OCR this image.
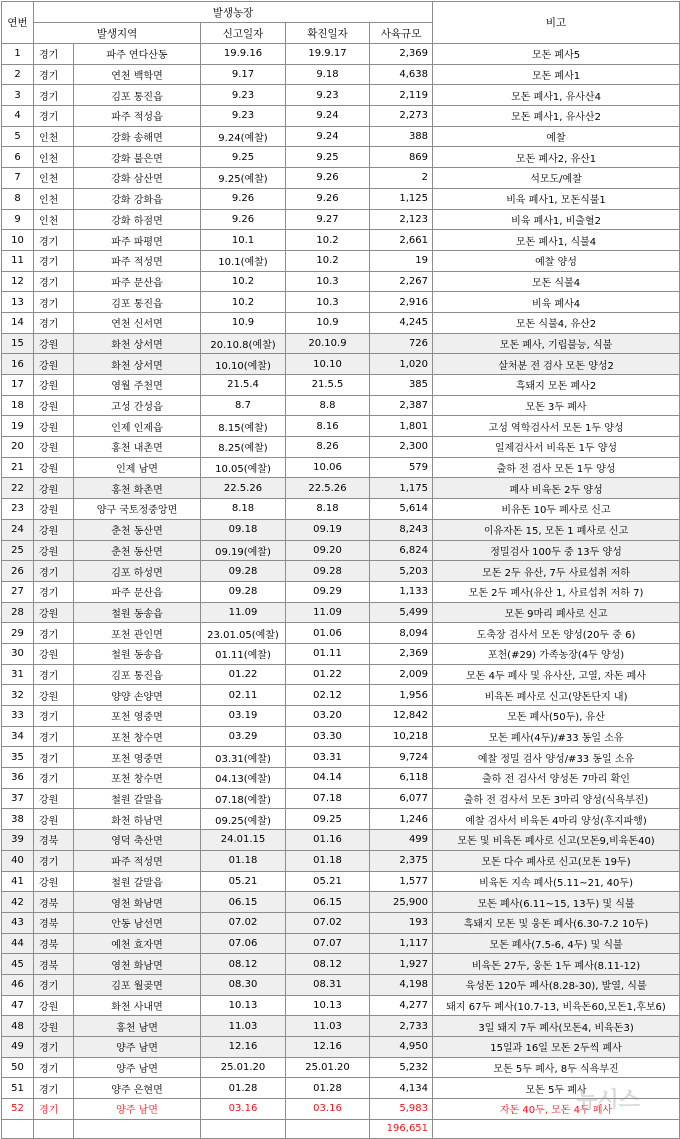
연번	발생농장					비고
	발생지역		신고일자	확진일자	사육규모	
1	경기	파주 연다산동	19.9.16	19.9.17	2,369	모돈 폐사5
2	경기	연천 백학면	9.17	9.18	4,638	모돈 폐사1
3	경기	김포 통진읍	9.23	9.23	2,119	모돈 폐사1, 유사산4
4	경기	파주 적성읍	9.23	9.24	2,273	모돈 폐사1, 유사산2
5	인천	강화 송해면	9.24(예찰)	9.24	388	예찰
6	인천	강화 불은면	9.25	9.25	869	모돈 폐사2, 유산1
7	인천	강화 삼산면	9.25(예찰)	9.26	2	석모도/예찰
8	인천	강화 강화읍	9.26	9.26	1,125	비육 폐사1, 모돈식불1
9	인천	강화 하점면	9.26	9.27	2,123	비육 폐사1, 비출혈2
10	경기	파주 파평면	10.1	10.2	2,661	모돈 폐사1, 식불4
11	경기	파주 적성면	10.1(예찰)	10.2	19	예찰 양성
12	경기	파주 문산읍	10.2	10.3	2,267	모돈 식불4
13	경기	김포 통진읍	10.2	10.3	2,916	비육 폐사4
14	경기	연천 신서면	10.9	10.9	4,245	모돈 식불4, 유산2
15	강원	화천 상서면	20.10.8(예찰)	20.10.9	726	모돈 폐사, 기립불능, 식불
16	강원	화천 상서면	10.10(예찰)	10.10	1,020	살처분 전 검사 모돈 양성2
17	강원	영월 주천면	21.5.4	21.5.5	385	흑돼지 모돈 폐사2
18	강원	고성 간성읍	8.7	8.8	2,387	모돈 3두 폐사
19	강원	인제 인제읍	8.15(예찰)	8.16	1,801	고성 역학검사서 모돈 1두 양성
20	강원	홍천 내촌면	8.25(예찰)	8.26	2,300	일제검사서 비육돈 1두 양성
21	강원	인제 남면	10.05(예찰)	10.06	579	출하 전 검사 모돈 1두 양성
22	강원	홍천 화촌면	22.5.26	22.5.26	1,175	폐사 비육돈 2두 양성
23	강원	양구 국토정중앙면	8.18	8.18	5,614	비유돈 10두 폐사로 신고
24	강원	춘천 동산면	09.18	09.19	8,243	이유자돈 15, 모돈 1 폐사로 신고
25	강원	춘천 동산면	09.19(예찰)	09.20	6,824	정밀검사 100두 중 13두 양성
26	경기	김포 하성면	09.28	09.28	5,203	모돈 2두 유산, 7두 사료섭취 저하
27	경기	파주 문산읍	09.28	09.29	1,133	모돈 2두 폐사(유산 1, 사료섭취 저하 7)
28	강원	철원 동송읍	11.09	11.09	5,499	모돈 9마리 폐사로 신고
29	경기	포천 관인면	23.01.05(예찰)	01.06	8,094	도축장 검사서 모돈 양성(20두 중 6)
30	강원	철원 동송읍	01.11(예찰)	01.11	2,369	포천(#29) 가족농장(4두 양성)
31	경기	김포 통진읍	01.22	01.22	2,009	모돈 4두 폐사 및 유사산, 고열, 자돈 폐사
32	강원	양양 손양면	02.11	02.12	1,956	비육돈 폐사로 신고(양돈단지 내)
33	경기	포천 영중면	03.19	03.20	12,842	모돈 폐사(50두), 유산
34	경기	포천 창수면	03.29	03.30	10,218	모돈 폐사(4두)/#33 동일 소유
35	경기	포천 영중면	03.31(예찰)	03.31	9,724	예찰 정밀 검사 양성/#33 동일 소유
36	경기	포천 창수면	04.13(예찰)	04.14	6,118	출하 전 검사서 양성돈 7마리 확인
37	강원	철원 갈말읍	07.18(예찰)	07.18	6,077	출하 전 검사서 모돈 3마리 양성(식욕부진)
38	강원	화천 하남면	09.25(예찰)	09.25	1,246	예찰 검사서 비육돈 4마리 양성(후지파행)
39	경북	영덕 축산면	24.01.15	01.16	499	모돈 및 비육돈 폐사로 신고(모돈9,비육돈40)
40	경기	파주 적성면	01.18	01.18	2,375	모돈 다수 폐사로 신고(모돈 19두)
41	강원	철원 갈말읍	05.21	05.21	1,577	비육돈 지속 폐사(5.11~21, 40두)
42	경북	영천 화남면	06.15	06.15	25,900	모돈 폐사(6.11~15, 13두) 및 식불
43	경북	안동 남선면	07.02	07.02	193	흑돼지 모돈 및 웅돈 폐사(6.30-7.2 10두)
44	경북	예천 효자면	07.06	07.07	1,117	모돈 폐사(7.5-6, 4두) 및 식불
45	경북	영천 화남면	08.12	08.12	1,927	비육돈 27두, 웅돈 1두 폐사(8.11-12)
46	경기	김포 월곶면	08.30	08.31	4,198	육성돈 120두 폐사(8.28-30), 발열, 식불
47	강원	화천 사내면	10.13	10.13	4,277	돼지 67두 폐사(10.7-13, 비육돈60,모돈1,후보6)
48	강원	홍천 남면	11.03	11.03	2,733	3일 돼지 7두 폐사(모돈4, 비육돈3)
49	경기	양주 남면	12.16	12.16	4,950	15일과 16일 모돈 2두씩 폐사
50	경기	양주 남면	25.01.20	25.01.20	5,232	모돈 5두 폐사, 8두 식욕부진
51	경기	양주 은현면	01.28	01.28	4,134	모돈 5두 폐사
52	경기	양주 남면	03.16	03.16	5,983	자돈 40두, 모돈 4두 폐사
					196,651	
뉴시스
